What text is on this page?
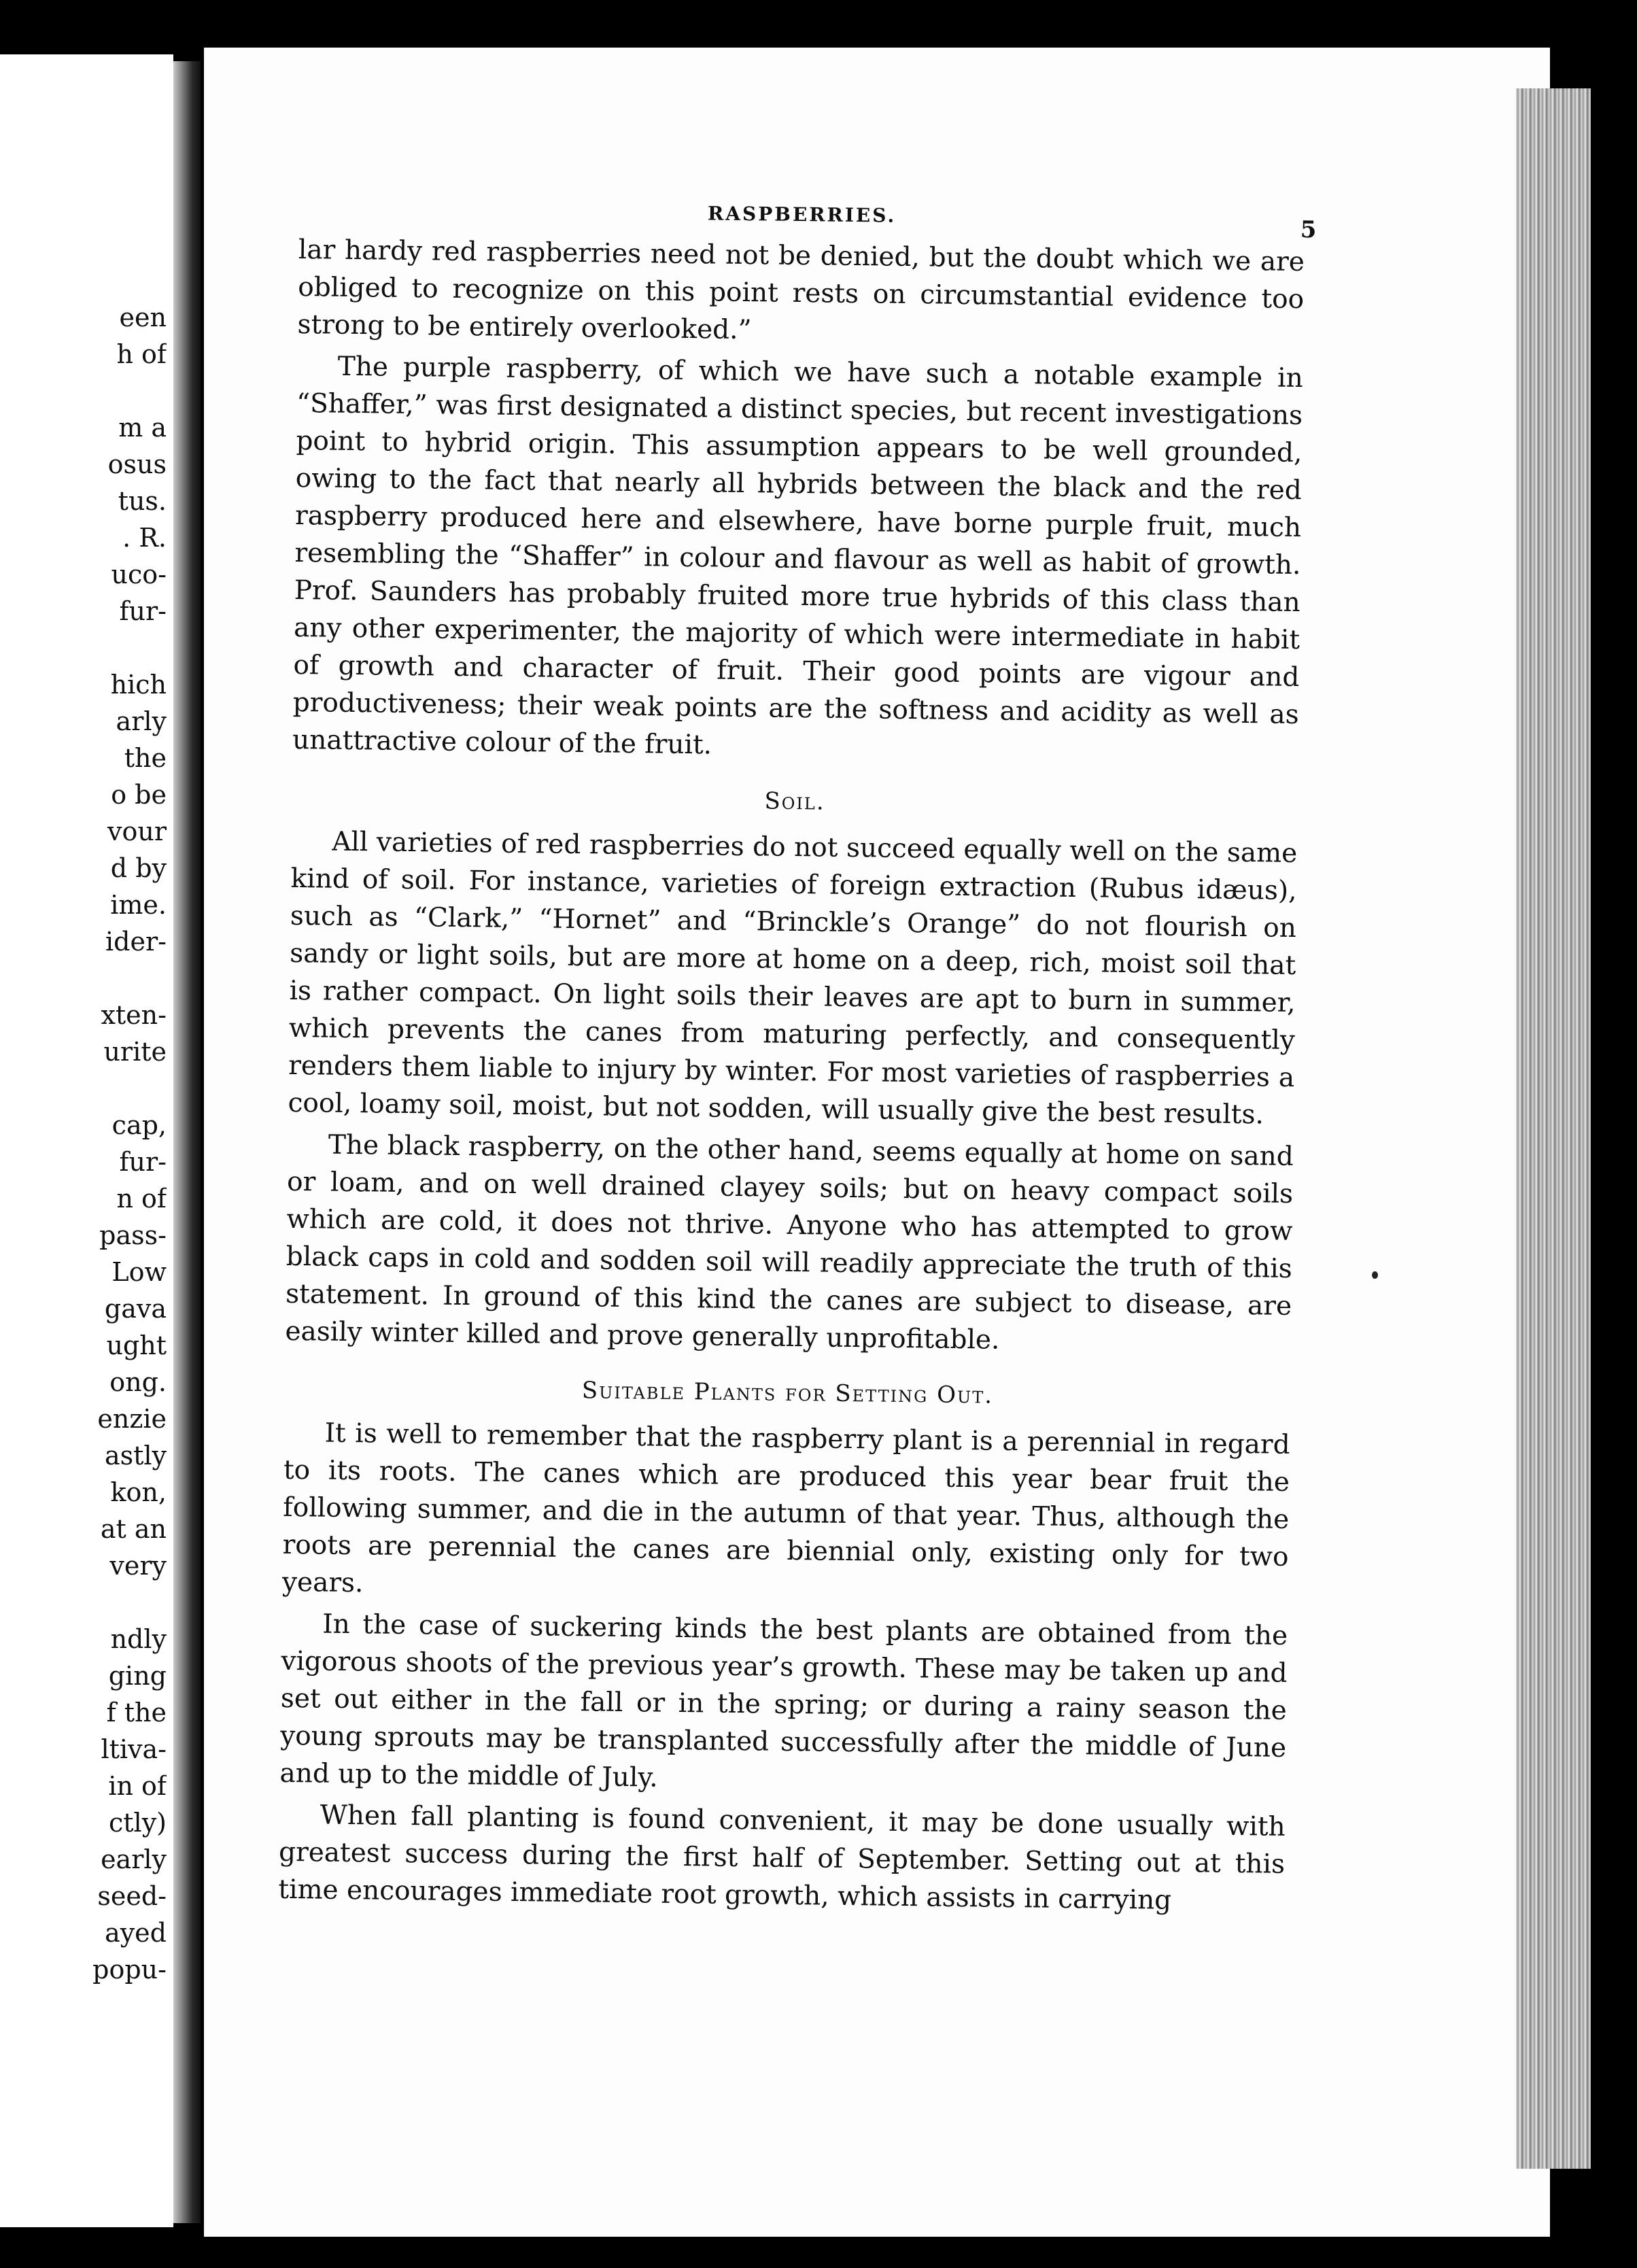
een
h of
m a
osus
tus.
. R.
uco-
fur-
hich
arly
the
o be
vour
d by
ime.
ider-
xten-
urite
cap,
fur-
n of
pass-
Low
gava
ught
ong.
enzie
astly
kon,
at an
very
ndly
ging
f the
ltiva-
in of
ctly)
early
seed-
ayed
popu-
RASPBERRIES.
5

lar hardy red raspberries need not be denied, but the doubt which we are obliged to recognize on this point rests on circumstantial evidence too strong to be entirely overlooked.”

The purple raspberry, of which we have such a notable example in “Shaffer,” was first designated a distinct species, but recent investigations point to hybrid origin. This assumption appears to be well grounded, owing to the fact that nearly all hybrids between the black and the red raspberry produced here and elsewhere, have borne purple fruit, much resembling the “Shaffer” in colour and flavour as well as habit of growth. Prof. Saunders has probably fruited more true hybrids of this class than any other experimenter, the majority of which were intermediate in habit of growth and character of fruit. Their good points are vigour and productiveness; their weak points are the softness and acidity as well as unattractive colour of the fruit.

Soil.

All varieties of red raspberries do not succeed equally well on the same kind of soil. For instance, varieties of foreign extraction (Rubus idæus), such as “Clark,” “Hornet” and “Brinckle’s Orange” do not flourish on sandy or light soils, but are more at home on a deep, rich, moist soil that is rather compact. On light soils their leaves are apt to burn in summer, which prevents the canes from maturing perfectly, and consequently renders them liable to injury by winter. For most varieties of raspberries a cool, loamy soil, moist, but not sodden, will usually give the best results.

The black raspberry, on the other hand, seems equally at home on sand or loam, and on well drained clayey soils; but on heavy compact soils which are cold, it does not thrive. Anyone who has attempted to grow black caps in cold and sodden soil will readily appreciate the truth of this statement. In ground of this kind the canes are subject to disease, are easily winter killed and prove generally unprofitable.

Suitable Plants for Setting Out.

It is well to remember that the raspberry plant is a perennial in regard to its roots. The canes which are produced this year bear fruit the following summer, and die in the autumn of that year. Thus, although the roots are perennial the canes are biennial only, existing only for two years.

In the case of suckering kinds the best plants are obtained from the vigorous shoots of the previous year’s growth. These may be taken up and set out either in the fall or in the spring; or during a rainy season the young sprouts may be transplanted successfully after the middle of June and up to the middle of July.

When fall planting is found convenient, it may be done usually with greatest success during the first half of September. Setting out at this time encourages immediate root growth, which assists in carrying
